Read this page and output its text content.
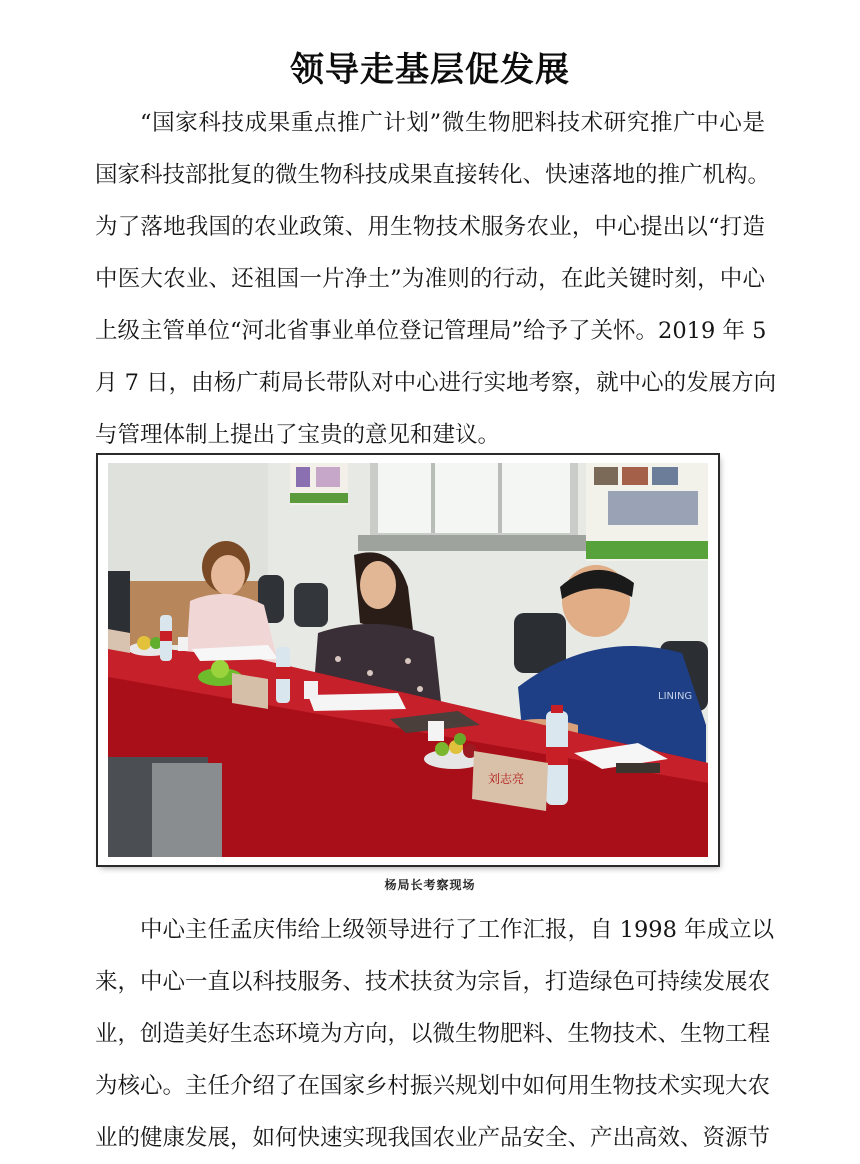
领导走基层促发展

“国家科技成果重点推广计划”微生物肥料技术研究推广中心是
国家科技部批复的微生物科技成果直接转化、快速落地的推广机构。
为了落地我国的农业政策、用生物技术服务农业，中心提出以“打造
中医大农业、还祖国一片净土”为准则的行动，在此关键时刻，中心
上级主管单位“河北省事业单位登记管理局”给予了关怀。2019 年 5
月 7 日，由杨广莉局长带队对中心进行实地考察，就中心的发展方向
与管理体制上提出了宝贵的意见和建议。

LINING
刘志亮
杨局长考察现场

中心主任孟庆伟给上级领导进行了工作汇报，自 1998 年成立以
来，中心一直以科技服务、技术扶贫为宗旨，打造绿色可持续发展农
业，创造美好生态环境为方向，以微生物肥料、生物技术、生物工程
为核心。主任介绍了在国家乡村振兴规划中如何用生物技术实现大农
业的健康发展，如何快速实现我国农业产品安全、产出高效、资源节
